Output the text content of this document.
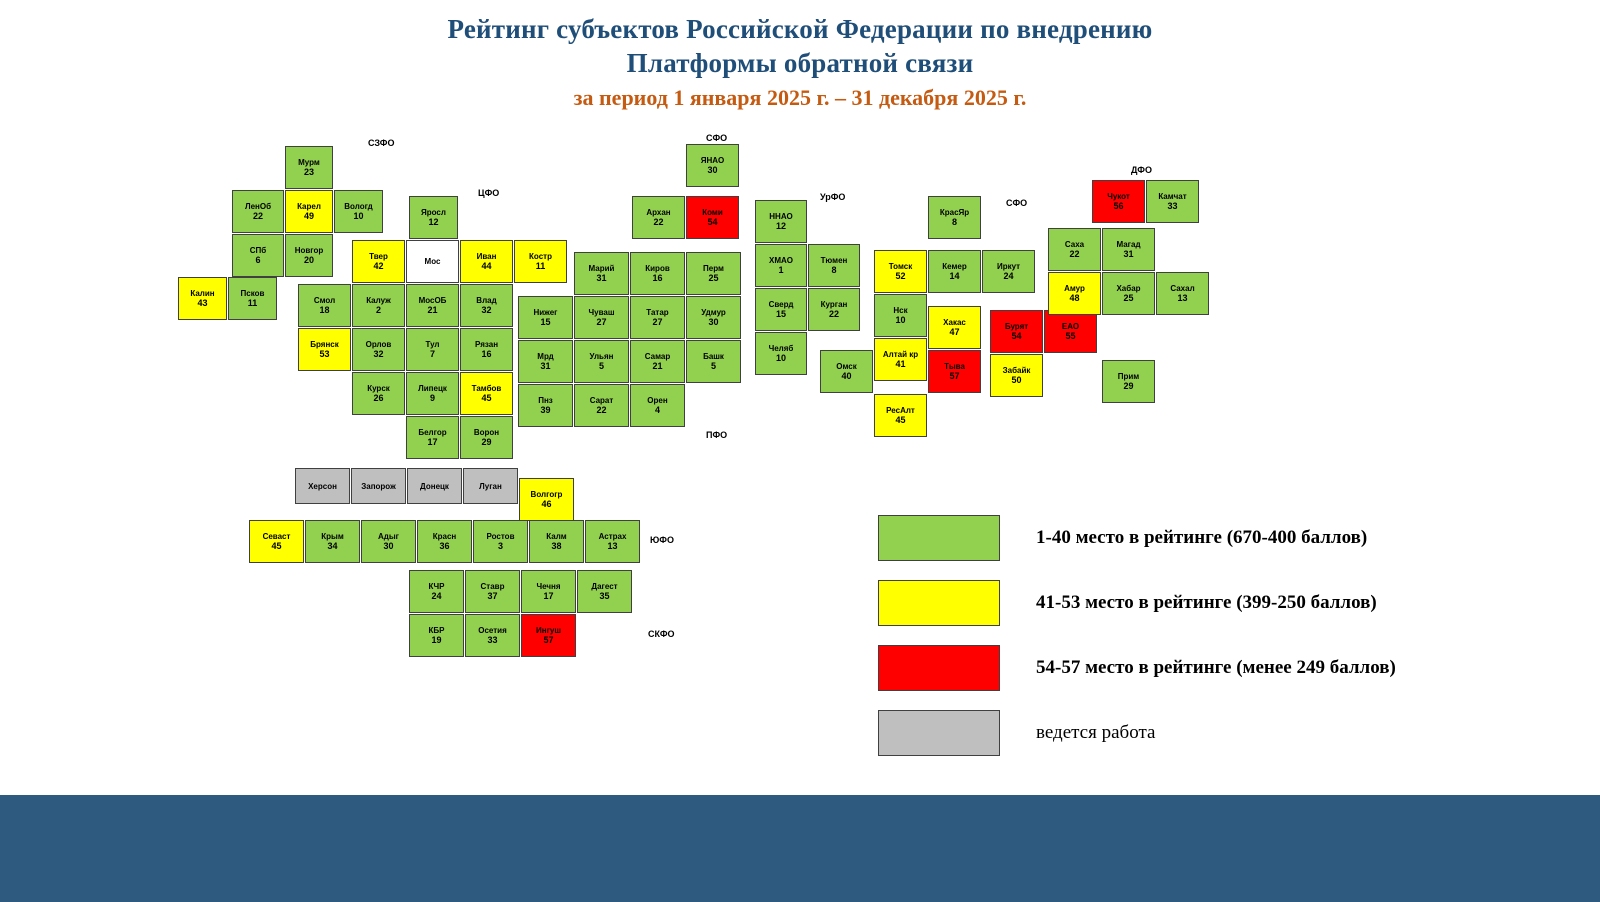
Рейтинг субъектов Российской Федерации по внедрению
Платформы обратной связи
за период 1 января 2025 г. – 31 декабря 2025 г.
Мурм
23
ЛенОб
22
Карел
49
Вологд
10	Яросл
12
СПб
6
Новгор
20	Твер
42	Мос
Иван
44
Костр
11
Калин
43
Псков
11	Смол
18
Калуж
2
МосОБ
21
Влад
32
Брянск
53
Орлов
32
Тул
7
Рязан
16
Курск
26
Липецк
9
Тамбов
45
Белгор
17
Ворон
29
Марий
31
Киров
16
Перм
25
Нижег
15
Чуваш
27
Татар
27
Удмур
30
Мрд
31
Ульян
5
Самар
21
Башк
5
Пнз
39
Сарат
22
Орен
4
ЯНАО
30
Архан
22
Коми
54
ННАО
12
ХМАО
1
Тюмен
8
Сверд
15
Курган
22
Челяб
10
КрасЯр
8
Томск
52
Кемер
14
Иркут
24
Нск
10	Хакас
47
Омск
40
Алтай кр
41	Тыва
57
РесАлт
45
Бурят
54
ЕАО
55
Забайк
50
Чукот
56
Камчат
33
Саха
22
Магад
31
Амур
48
Хабар
25
Сахал
13
Прим
29
Херсон	Запорож	Донецк	Луган
Волгогр
46
Севаст
45
Крым
34
Адыг
30
Красн
36
Ростов
3
Калм
38
Астрах
13
КЧР
24
Ставр
37
Чечня
17
Дагест
35
КБР
19
Осетия
33
Ингуш
57
СЗФО
ЦФО
СФО
УрФО
СФО
ДФО
ПФО
ЮФО
СКФО
1-40 место в рейтинге (670-400 баллов)
41-53 место в рейтинге (399-250 баллов)
54-57 место в рейтинге (менее 249 баллов)
ведется работа
